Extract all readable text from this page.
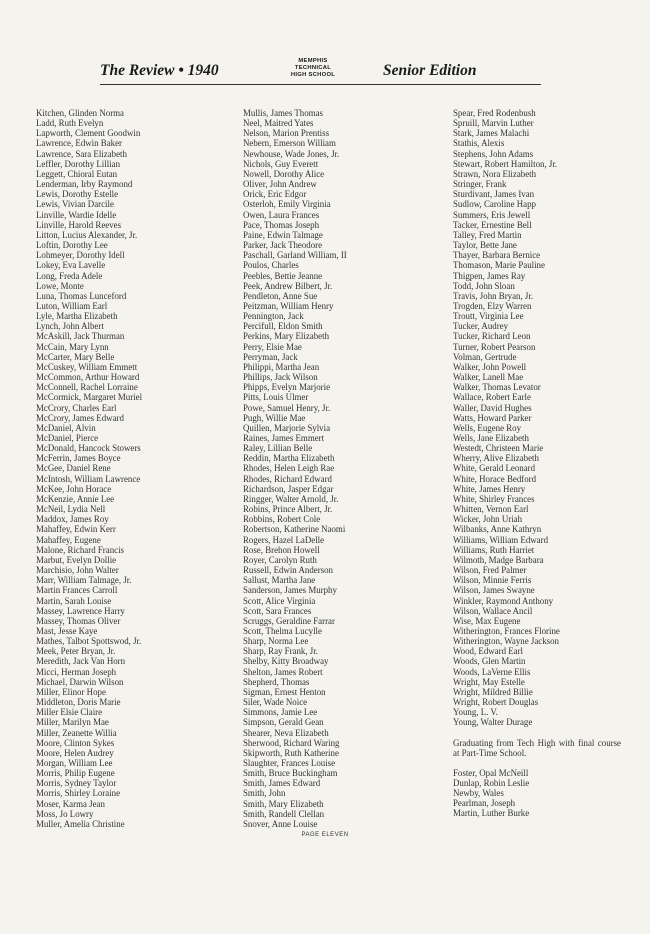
The Review • 1940
MEMPHIS
TECHNICAL
HIGH SCHOOL	Senior Edition
Kitchen, Glinden Norma
Ladd, Ruth Evelyn
Lapworth, Clement Goodwin
Lawrence, Edwin Baker
Lawrence, Sara Elizabeth
Leffler, Dorothy Lillian
Leggett, Chioral Eutan
Lenderman, Irby Raymond
Lewis, Dorothy Estelle
Lewis, Vivian Darcile
Linville, Wardie Idelle
Linville, Harold Reeves
Litton, Lucius Alexander, Jr.
Loftin, Dorothy Lee
Lohmeyer, Dorothy Idell
Lokey, Eva Lavelle
Long, Freda Adele
Lowe, Monte
Luna, Thomas Lunceford
Luton, William Earl
Lyle, Martha Elizabeth
Lynch, John Albert
McAskill, Jack Thurman
McCain, Mary Lynn
McCarter, Mary Belle
McCuskey, William Emmett
McCommon, Arthur Howard
McConnell, Rachel Lorraine
McCormick, Margaret Muriel
McCrory, Charles Earl
McCrory, James Edward
McDaniel, Alvin
McDaniel, Pierce
McDonald, Hancock Stowers
McFerrin, James Boyce
McGee, Daniel Rene
McIntosh, William Lawrence
McKee, John Horace
McKenzie, Annie Lee
McNeil, Lydia Nell
Maddox, James Roy
Mahaffey, Edwin Kerr
Mahaffey, Eugene
Malone, Richard Francis
Marbut, Evelyn Dollie
Marchisio, John Walter
Marr, William Talmage, Jr.
Martin Frances Carroll
Martin, Sarah Louise
Massey, Lawrence Harry
Massey, Thomas Oliver
Mast, Jesse Kaye
Mathes, Talbot Spottswod, Jr.
Meek, Peter Bryan, Jr.
Meredith, Jack Van Horn
Micci, Herman Joseph
Michael, Darwin Wilson
Miller, Elinor Hope
Middleton, Doris Marie
Miller Elsie Claire
Miller, Marilyn Mae
Miller, Zeanette Willia
Moore, Clinton Sykes
Moore, Helen Audrey
Morgan, William Lee
Morris, Philip Eugene
Morris, Sydney Taylor
Morris, Shirley Loraine
Moser, Karma Jean
Moss, Jo Lowry
Muller, Amelia Christine
Mullis, James Thomas
Neel, Maitred Yates
Nelson, Marion Prentiss
Nebern, Emerson William
Newhouse, Wade Jones, Jr.
Nichols, Guy Everett
Nowell, Dorothy Alice
Oliver, John Andrew
Orick, Eric Edgor
Osterloh, Emily Virginia
Owen, Laura Frances
Pace, Thomas Joseph
Paine, Edwin Talmage
Parker, Jack Theodore
Paschall, Garland William, II
Poulos, Charles
Peebles, Bettie Jeanne
Peek, Andrew Bilbert, Jr.
Pendleton, Anne Sue
Peitzman, William Henry
Pennington, Jack
Percifull, Eldon Smith
Perkins, Mary Elizabeth
Perry, Elsie Mae
Perryman, Jack
Philippi, Martha Jean
Phillips, Jack Wilson
Phipps, Evelyn Marjorie
Pitts, Louis Ulmer
Powe, Samuel Henry, Jr.
Pugh, Willie Mae
Quillen, Marjorie Sylvia
Raines, James Emmert
Raley, Lillian Belle
Reddin, Martha Elizabeth
Rhodes, Helen Leigh Rae
Rhodes, Richard Edward
Richardson, Jasper Edgar
Ringger, Walter Arnold, Jr.
Robins, Prince Albert, Jr.
Robbins, Robert Cole
Robertson, Katherine Naomi
Rogers, Hazel LaDelle
Rose, Brehon Howell
Royer, Carolyn Ruth
Russell, Edwin Anderson
Sallust, Martha Jane
Sanderson, James Murphy
Scott, Alice Virginia
Scott, Sara Frances
Scruggs, Geraldine Farrar
Scott, Thelma Lucylle
Sharp, Norma Lee
Sharp, Ray Frank, Jr.
Shelby, Kitty Broadway
Shelton, James Robert
Shepherd, Thomas
Sigman, Ernest Henton
Siler, Wade Noice
Simmons, Jamie Lee
Simpson, Gerald Gean
Shearer, Neva Elizabeth
Sherwood, Richard Waring
Skipworth, Ruth Katherine
Slaughter, Frances Louise
Smith, Bruce Buckingham
Smith, James Edward
Smith, John
Smith, Mary Elizabeth
Smith, Randell Clellan
Snover, Anne Louise
Spear, Fred Rodenbush
Spruill, Marvin Luther
Stark, James Malachi
Stathis, Alexis
Stephens, John Adams
Stewart, Robert Hamilton, Jr.
Strawn, Nora Elizabeth
Stringer, Frank
Sturdivant, James Ivan
Sudlow, Caroline Happ
Summers, Eris Jewell
Tacker, Ernestine Bell
Talley, Fred Martin
Taylor, Bette Jane
Thayer, Barbara Bernice
Thomason, Marie Pauline
Thigpen, James Ray
Todd, John Sloan
Travis, John Bryan, Jr.
Trogden, Elzy Warren
Troutt, Virginia Lee
Tucker, Audrey
Tucker, Richard Leon
Turner, Robert Pearson
Volman, Gertrude
Walker, John Powell
Walker, Lanell Mae
Walker, Thomas Levator
Wallace, Robert Earle
Waller, David Hughes
Watts, Howard Parker
Wells, Eugene Roy
Wells, Jane Elizabeth
Westedt, Christeen Marie
Wherry, Alive Elizabeth
White, Gerald Leonard
White, Horace Bedford
White, James Henry
White, Shirley Frances
Whitten, Vernon Earl
Wicker, John Uriah
Wilbanks, Anne Kathryn
Williams, William Edward
Williams, Ruth Harriet
Wilmoth, Madge Barbara
Wilson, Fred Palmer
Wilson, Minnie Ferris
Wilson, James Swayne
Winkler, Raymond Anthony
Wilson, Wallace Ancil
Wise, Max Eugene
Witherington, Frances Florine
Witherington, Wayne Jackson
Wood, Edward Earl
Woods, Glen Martin
Woods, LaVerne Ellis
Wright, May Estelle
Wright, Mildred Billie
Wright, Robert Douglas
Young, L. V.
Young, Walter Durage
Graduating from Tech High with final course at Part-Time School.
Foster, Opal McNeill
Dunlap, Robin Leslie
Newby, Wales
Pearlman, Joseph
Martin, Luther Burke
PAGE ELEVEN
